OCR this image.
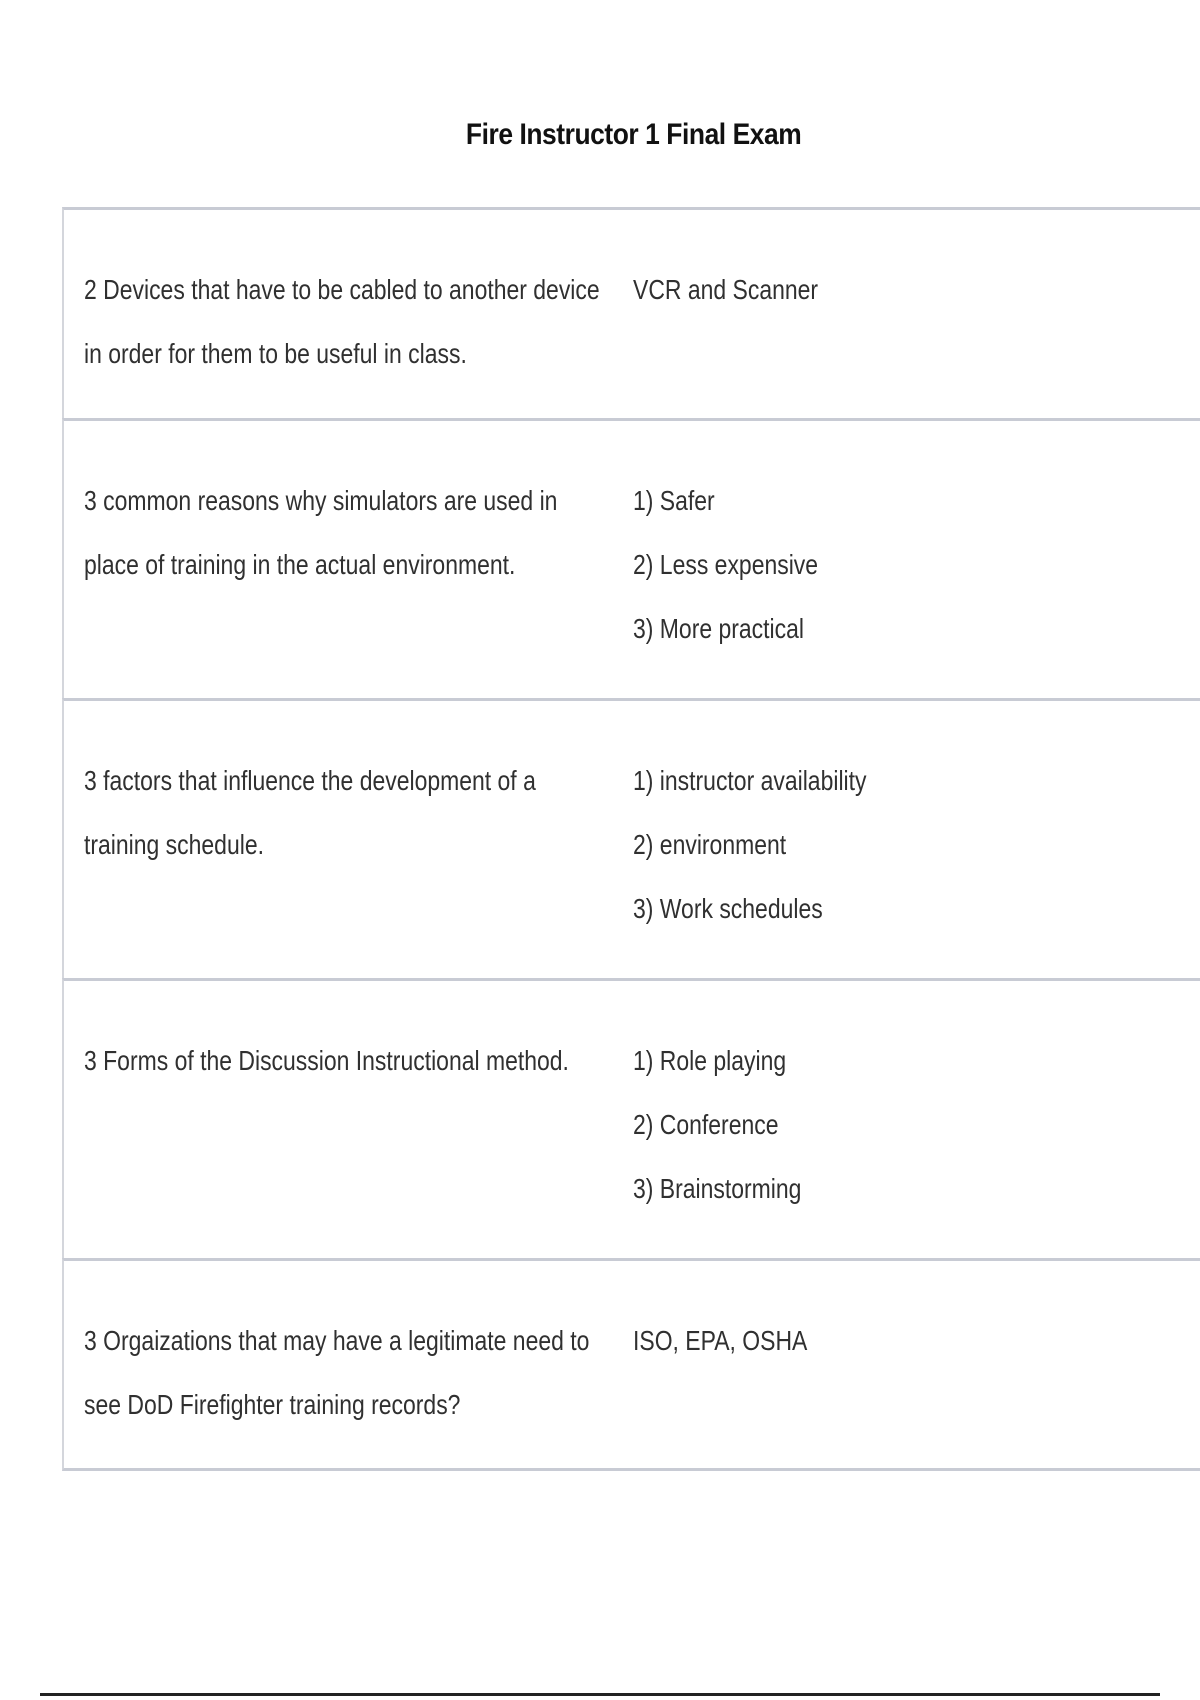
Fire Instructor 1 Final Exam
2 Devices that have to be cabled to another device in order for them to be useful in class.
VCR and Scanner
3 common reasons why simulators are used in place of training in the actual environment.
1) Safer
2) Less expensive
3) More practical
3 factors that influence the development of a training schedule.
1) instructor availability
2) environment
3) Work schedules
3 Forms of the Discussion Instructional method.	1) Role playing
2) Conference
3) Brainstorming
3 Orgaizations that may have a legitimate need to see DoD Firefighter training records?
ISO, EPA, OSHA
